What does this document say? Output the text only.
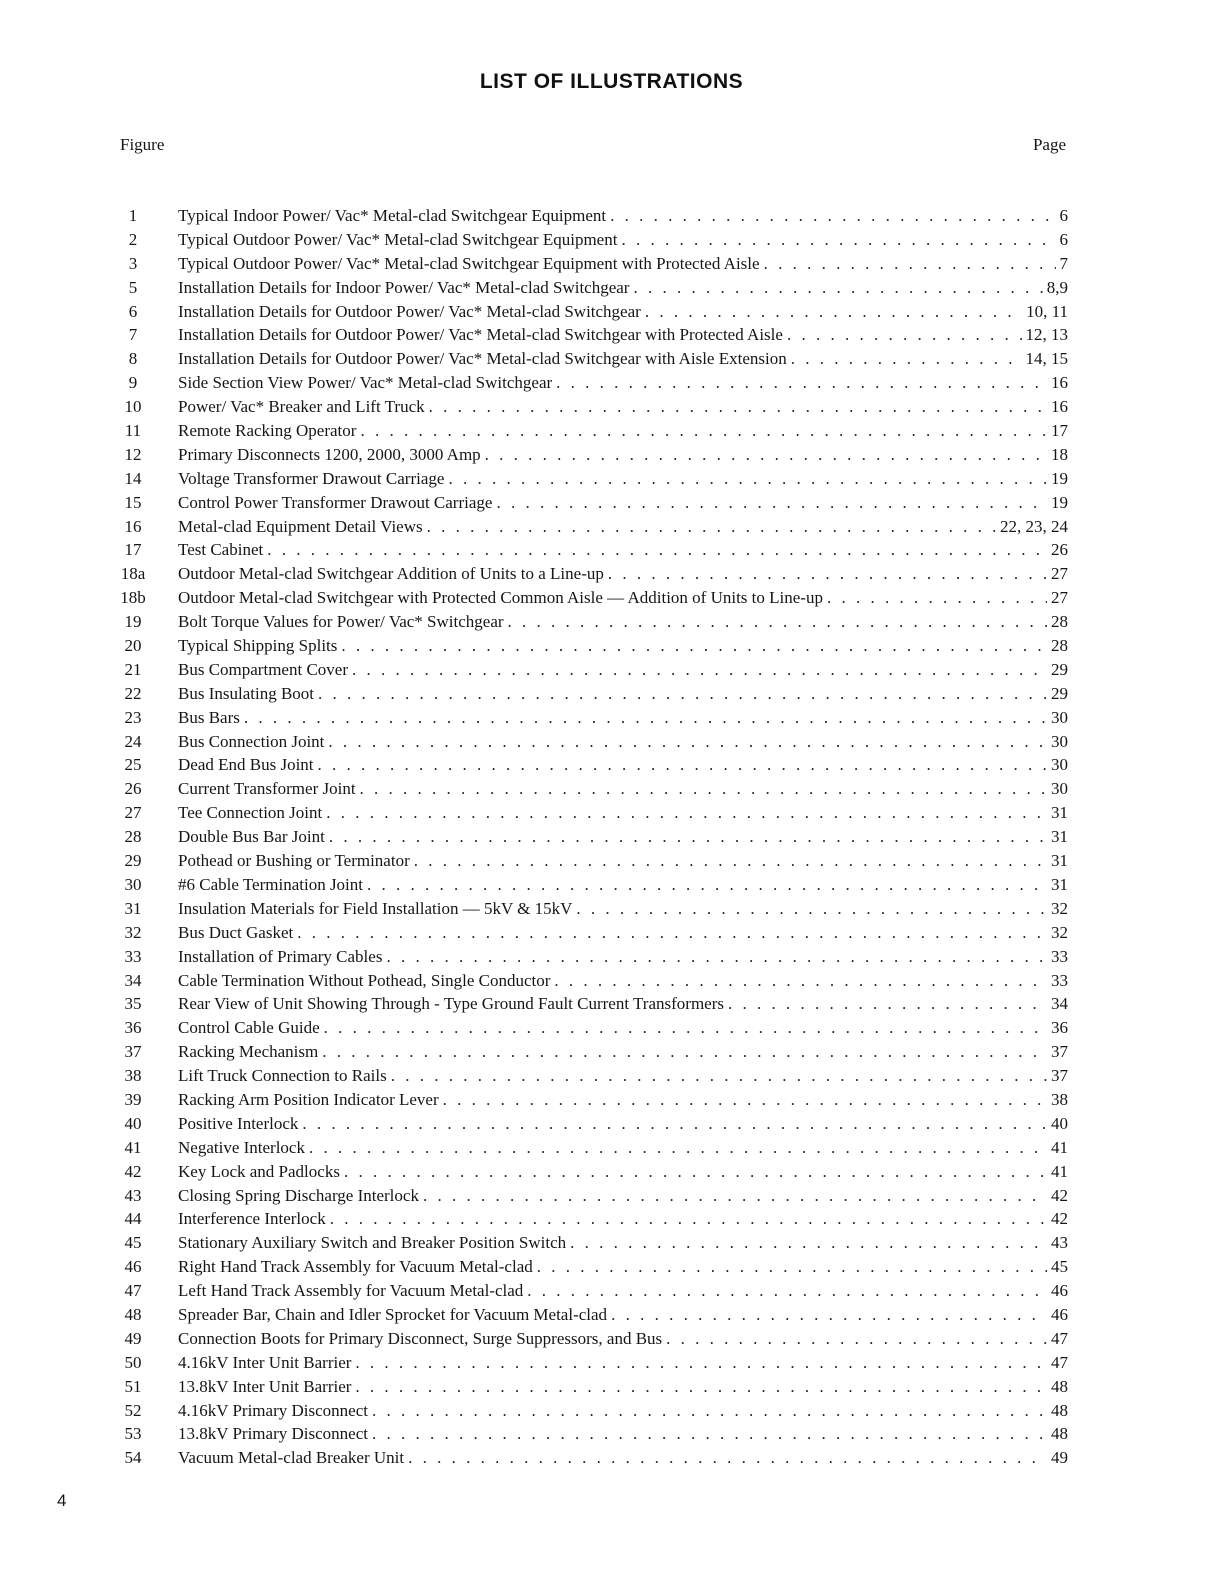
LIST OF ILLUSTRATIONS
Figure	Page
1	Typical Indoor Power/ Vac* Metal-clad Switchgear Equipment . . .	6
2	Typical Outdoor Power/ Vac* Metal-clad Switchgear Equipment . . .	6
3	Typical Outdoor Power/ Vac* Metal-clad Switchgear Equipment with Protected Aisle . . .	7
5	Installation Details for Indoor Power/ Vac* Metal-clad Switchgear . . .	8,9
6	Installation Details for Outdoor Power/ Vac* Metal-clad Switchgear . . .	10, 11
7	Installation Details for Outdoor Power/ Vac* Metal-clad Switchgear with Protected Aisle . . .	12, 13
8	Installation Details for Outdoor Power/ Vac* Metal-clad Switchgear with Aisle Extension . . .	14, 15
9	Side Section View Power/ Vac* Metal-clad Switchgear . . .	16
10	Power/ Vac* Breaker and Lift Truck . . .	16
11	Remote Racking Operator . . .	17
12	Primary Disconnects 1200, 2000, 3000 Amp . . .	18
14	Voltage Transformer Drawout Carriage . . .	19
15	Control Power Transformer Drawout Carriage . . .	19
16	Metal-clad Equipment Detail Views . . .	22, 23, 24
17	Test Cabinet . . .	26
18a	Outdoor Metal-clad Switchgear Addition of Units to a Line-up . . .	27
18b	Outdoor Metal-clad Switchgear with Protected Common Aisle — Addition of Units to Line-up . . .	27
19	Bolt Torque Values for Power/ Vac* Switchgear . . .	28
20	Typical Shipping Splits . . .	28
21	Bus Compartment Cover . . .	29
22	Bus Insulating Boot . . .	29
23	Bus Bars . . .	30
24	Bus Connection Joint . . .	30
25	Dead End Bus Joint . . .	30
26	Current Transformer Joint . . .	30
27	Tee Connection Joint . . .	31
28	Double Bus Bar Joint . . .	31
29	Pothead or Bushing or Terminator . . .	31
30	#6 Cable Termination Joint . . .	31
31	Insulation Materials for Field Installation — 5kV & 15kV . . .	32
32	Bus Duct Gasket . . .	32
33	Installation of Primary Cables . . .	33
34	Cable Termination Without Pothead, Single Conductor . . .	33
35	Rear View of Unit Showing Through - Type Ground Fault Current Transformers . . .	34
36	Control Cable Guide . . .	36
37	Racking Mechanism . . .	37
38	Lift Truck Connection to Rails . . .	37
39	Racking Arm Position Indicator Lever . . .	38
40	Positive Interlock . . .	40
41	Negative Interlock . . .	41
42	Key Lock and Padlocks . . .	41
43	Closing Spring Discharge Interlock . . .	42
44	Interference Interlock . . .	42
45	Stationary Auxiliary Switch and Breaker Position Switch . . .	43
46	Right Hand Track Assembly for Vacuum Metal-clad . . .	45
47	Left Hand Track Assembly for Vacuum Metal-clad . . .	46
48	Spreader Bar, Chain and Idler Sprocket for Vacuum Metal-clad . . .	46
49	Connection Boots for Primary Disconnect, Surge Suppressors, and Bus . . .	47
50	4.16kV Inter Unit Barrier . . .	47
51	13.8kV Inter Unit Barrier . . .	48
52	4.16kV Primary Disconnect . . .	48
53	13.8kV Primary Disconnect . . .	48
54	Vacuum Metal-clad Breaker Unit . . .	49
4
